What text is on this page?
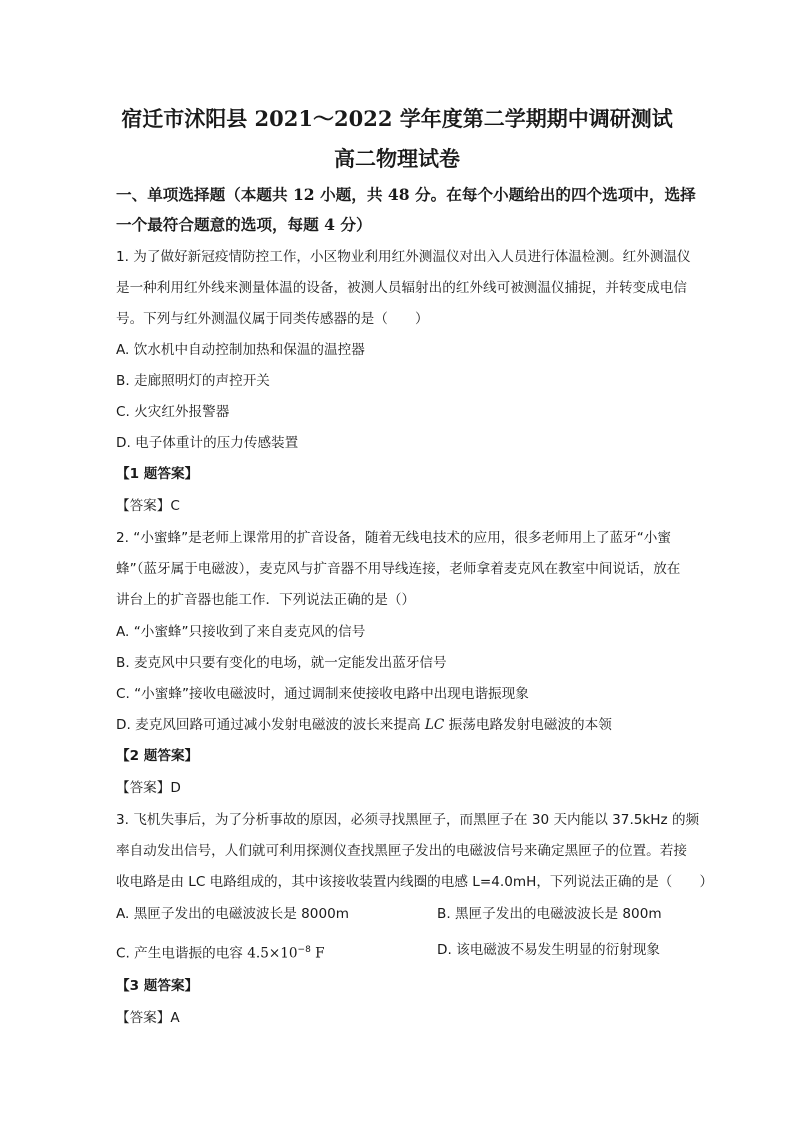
宿迁市沭阳县 2021～2022 学年度第二学期期中调研测试
高二物理试卷
一、单项选择题（本题共 12 小题，共 48 分。在每个小题给出的四个选项中，选择
一个最符合题意的选项，每题 4 分）
1. 为了做好新冠疫情防控工作，小区物业利用红外测温仪对出入人员进行体温检测。红外测温仪
是一种利用红外线来测量体温的设备，被测人员辐射出的红外线可被测温仪捕捉，并转变成电信
号。下列与红外测温仪属于同类传感器的是（　　）
A. 饮水机中自动控制加热和保温的温控器
B. 走廊照明灯的声控开关
C. 火灾红外报警器
D. 电子体重计的压力传感装置
【1 题答案】
【答案】C
2. “小蜜蜂”是老师上课常用的扩音设备，随着无线电技术的应用，很多老师用上了蓝牙“小蜜
蜂”（蓝牙属于电磁波），麦克风与扩音器不用导线连接，老师拿着麦克风在教室中间说话，放在
讲台上的扩音器也能工作．下列说法正确的是（）
A. “小蜜蜂”只接收到了来自麦克风的信号
B. 麦克风中只要有变化的电场，就一定能发出蓝牙信号
C. “小蜜蜂”接收电磁波时，通过调制来使接收电路中出现电谐振现象
D. 麦克风回路可通过减小发射电磁波的波长来提高 LC 振荡电路发射电磁波的本领
【2 题答案】
【答案】D
3. 飞机失事后，为了分析事故的原因，必须寻找黑匣子，而黑匣子在 30 天内能以 37.5kHz 的频
率自动发出信号，人们就可利用探测仪查找黑匣子发出的电磁波信号来确定黑匣子的位置。若接
收电路是由 LC 电路组成的，其中该接收装置内线圈的电感 L=4.0mH，下列说法正确的是（　　）
A. 黑匣子发出的电磁波波长是 8000m	B. 黑匣子发出的电磁波波长是 800m
C. 产生电谐振的电容 $4.5\times 10^{-8}$ F	D. 该电磁波不易发生明显的衍射现象
【3 题答案】
【答案】A
